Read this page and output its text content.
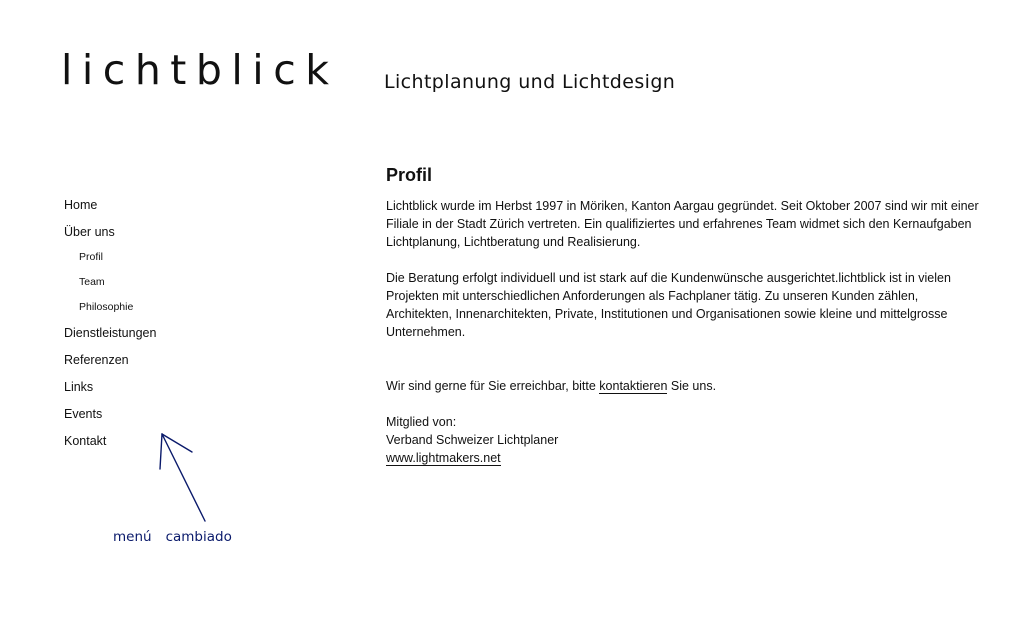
lichtblick Lichtplanung und Lichtdesign
Home
Über uns
Profil
Team
Philosophie
Dienstleistungen
Referenzen
Links
Events
Kontakt
Profil

Lichtblick wurde im Herbst 1997 in Möriken, Kanton Aargau gegründet. Seit Oktober 2007 sind wir mit einer Filiale in der Stadt Zürich vertreten. Ein qualifiziertes und erfahrenes Team widmet sich den Kernaufgaben Lichtplanung, Lichtberatung und Realisierung.

Die Beratung erfolgt individuell und ist stark auf die Kundenwünsche ausgerichtet.lichtblick ist in vielen Projekten mit unterschiedlichen Anforderungen als Fachplaner tätig. Zu unseren Kunden zählen, Architekten, Innenarchitekten, Private, Institutionen und Organisationen sowie kleine und mittelgrosse Unternehmen.

Wir sind gerne für Sie erreichbar, bitte kontaktieren Sie uns.

Mitglied von:

Verband Schweizer Lichtplaner

www.lightmakers.net

menú cambiado
